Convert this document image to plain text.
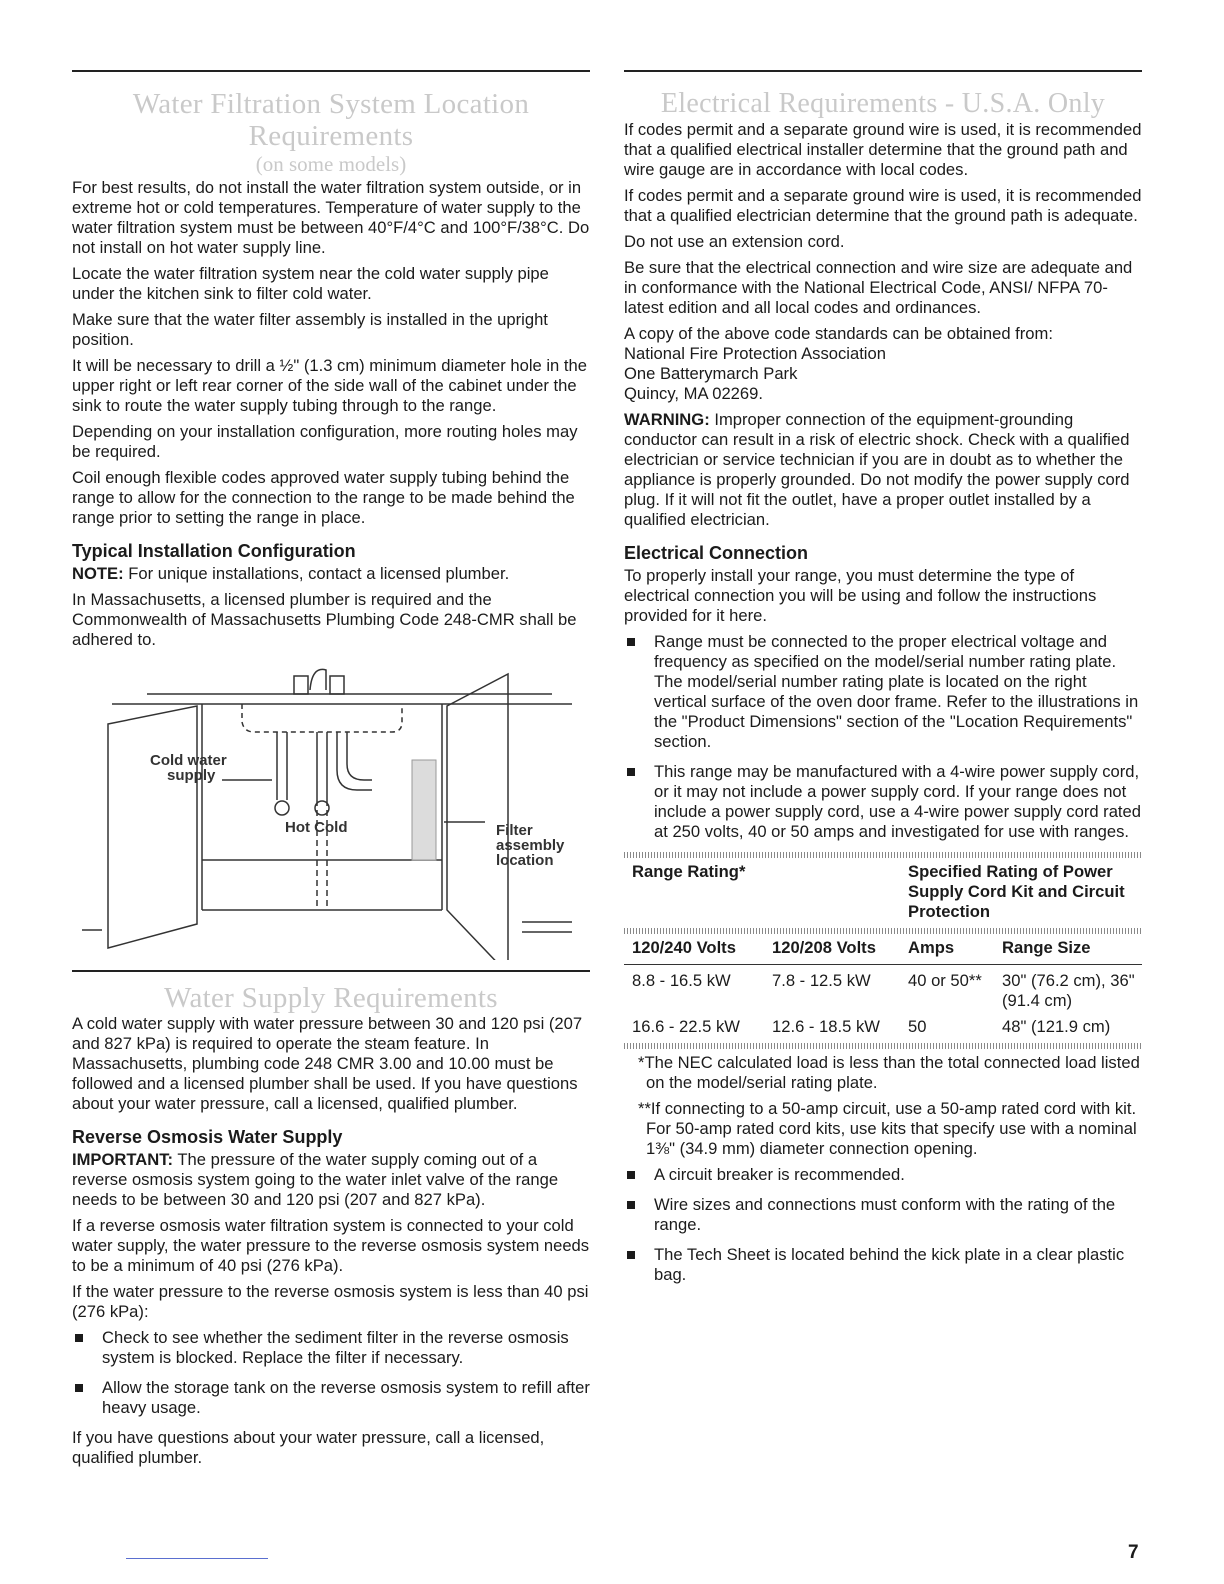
Water Filtration System Location
Requirements
(on some models)

For best results, do not install the water filtration system outside, or in extreme hot or cold temperatures. Temperature of water supply to the water filtration system must be between 40°F/4°C and 100°F/38°C. Do not install on hot water supply line.

Locate the water filtration system near the cold water supply pipe under the kitchen sink to filter cold water.

Make sure that the water filter assembly is installed in the upright position.

It will be necessary to drill a ½" (1.3 cm) minimum diameter hole in the upper right or left rear corner of the side wall of the cabinet under the sink to route the water supply tubing through to the range.

Depending on your installation configuration, more routing holes may be required.

Coil enough flexible codes approved water supply tubing behind the range to allow for the connection to the range to be made behind the range prior to setting the range in place.

Typical Installation Configuration

NOTE: For unique installations, contact a licensed plumber.

In Massachusetts, a licensed plumber is required and the Commonwealth of Massachusetts Plumbing Code 248-CMR shall be adhered to.

Cold water
supply
Hot Cold	Filter
assembly
location
Water Supply Requirements

A cold water supply with water pressure between 30 and 120 psi (207 and 827 kPa) is required to operate the steam feature. In Massachusetts, plumbing code 248 CMR 3.00 and 10.00 must be followed and a licensed plumber shall be used. If you have questions about your water pressure, call a licensed, qualified plumber.

Reverse Osmosis Water Supply

IMPORTANT: The pressure of the water supply coming out of a reverse osmosis system going to the water inlet valve of the range needs to be between 30 and 120 psi (207 and 827 kPa).

If a reverse osmosis water filtration system is connected to your cold water supply, the water pressure to the reverse osmosis system needs to be a minimum of 40 psi (276 kPa).

If the water pressure to the reverse osmosis system is less than 40 psi (276 kPa):

Check to see whether the sediment filter in the reverse osmosis system is blocked. Replace the filter if necessary.
Allow the storage tank on the reverse osmosis system to refill after heavy usage.

If you have questions about your water pressure, call a licensed, qualified plumber.

Electrical Requirements - U.S.A. Only

If codes permit and a separate ground wire is used, it is recommended that a qualified electrical installer determine that the ground path and wire gauge are in accordance with local codes.

If codes permit and a separate ground wire is used, it is recommended that a qualified electrician determine that the ground path is adequate.

Do not use an extension cord.

Be sure that the electrical connection and wire size are adequate and in conformance with the National Electrical Code, ANSI/ NFPA 70-latest edition and all local codes and ordinances.

A copy of the above code standards can be obtained from:

National Fire Protection Association

One Batterymarch Park

Quincy, MA 02269.

WARNING: Improper connection of the equipment-grounding conductor can result in a risk of electric shock. Check with a qualified electrician or service technician if you are in doubt as to whether the appliance is properly grounded. Do not modify the power supply cord plug. If it will not fit the outlet, have a proper outlet installed by a qualified electrician.

Electrical Connection

To properly install your range, you must determine the type of electrical connection you will be using and follow the instructions provided for it here.

Range must be connected to the proper electrical voltage and frequency as specified on the model/serial number rating plate. The model/serial number rating plate is located on the right vertical surface of the oven door frame. Refer to the illustrations in the "Product Dimensions" section of the "Location Requirements" section.
This range may be manufactured with a 4-wire power supply cord, or it may not include a power supply cord. If your range does not include a power supply cord, use a 4-wire power supply cord rated at 250 volts, 40 or 50 amps and investigated for use with ranges.
Range Rating*		Specified Rating of Power Supply Cord Kit and Circuit Protection	

120/240 Volts	120/208 Volts	Amps	Range Size

8.8 - 16.5 kW	7.8 - 12.5 kW	40 or 50**	30" (76.2 cm), 36" (91.4 cm)
16.6 - 22.5 kW	12.6 - 18.5 kW	50	48" (121.9 cm)

*The NEC calculated load is less than the total connected load listed on the model/serial rating plate.

**If connecting to a 50-amp circuit, use a 50-amp rated cord with kit. For 50-amp rated cord kits, use kits that specify use with a nominal 1⅜" (34.9 mm) diameter connection opening.

A circuit breaker is recommended.
Wire sizes and connections must conform with the rating of the range.
The Tech Sheet is located behind the kick plate in a clear plastic bag.
7
